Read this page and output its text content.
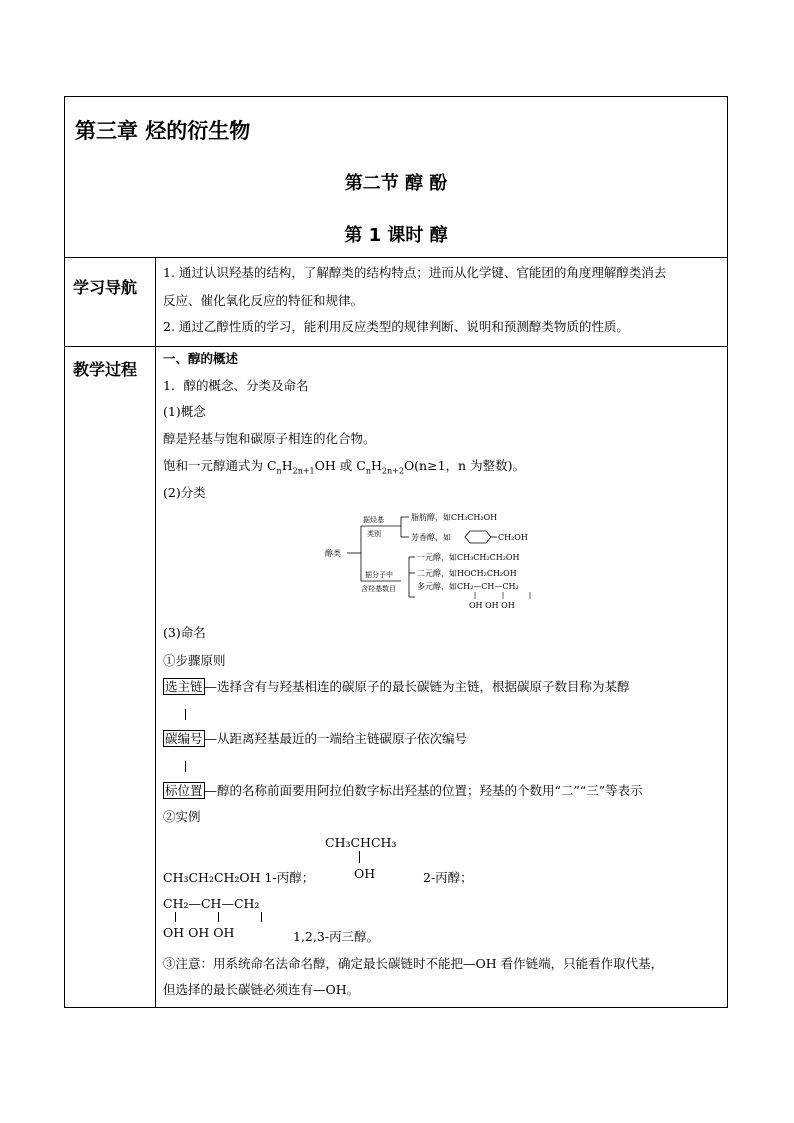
第三章 烃的衍生物
第二节 醇 酚
第 1 课时 醇
学习导航
1. 通过认识羟基的结构，了解醇类的结构特点；进而从化学键、官能团的角度理解醇类消去
反应、催化氧化反应的特征和规律。
2. 通过乙醇性质的学习，能利用反应类型的规律判断、说明和预测醇类物质的性质。
教学过程
一、醇的概述
1．醇的概念、分类及命名
(1)概念
醇是羟基与饱和碳原子相连的化合物。
饱和一元醇通式为 $C_nH_{2n+1}OH$ 或 $C_nH_{2n+2}O(n\ge 1$，n 为整数)。
(2)分类
醇类
据烃基
类别
脂肪醇，如CH₃CH₂OH
芳香醇，如	CH₂OH
据分子中
含羟基数目
一元醇，如CH₃CH₂CH₂OH
二元醇，如HOCH₂CH₂OH
多元醇，如CH₂—CH—CH₂
OH OH OH
(3)命名
①步骤原则
选主链 —选择含有与羟基相连的碳原子的最长碳链为主链，根据碳原子数目称为某醇
碳编号 —从距离羟基最近的一端给主链碳原子依次编号
标位置 —醇的名称前面要用阿拉伯数字标出羟基的位置；羟基的个数用“二”“三”等表示
②实例
CH₃CHCH₃
OH
CH₃CH₂CH₂OH 1-丙醇；	2-丙醇；
CH₂—CH—CH₂
OH OH OH	1,2,3-丙三醇。
③注意：用系统命名法命名醇，确定最长碳链时不能把—OH 看作链端，只能看作取代基，
但选择的最长碳链必须连有—OH。
